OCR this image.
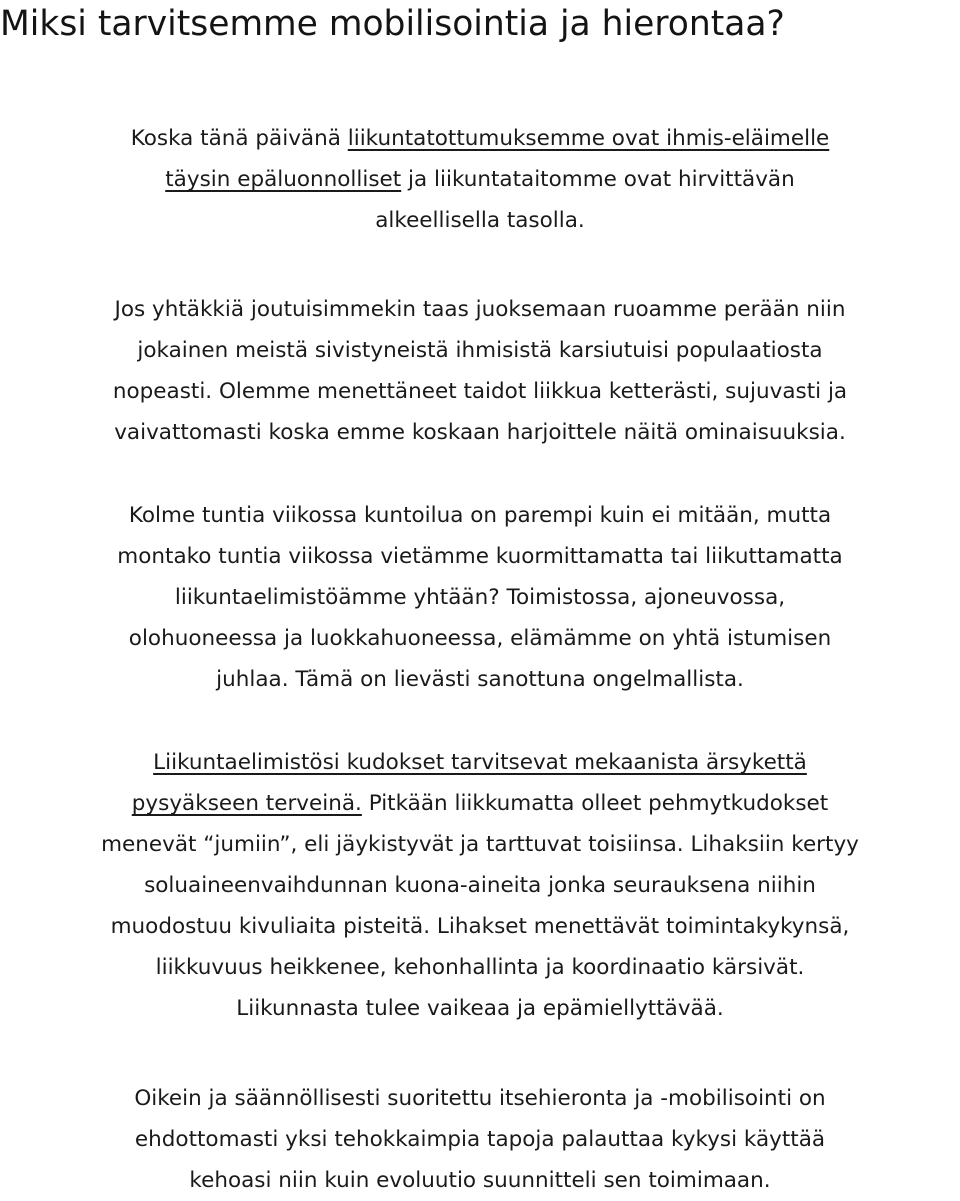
Miksi tarvitsemme mobilisointia ja hierontaa?

Koska tänä päivänä liikuntatottumuksemme ovat ihmis-eläimelle
täysin epäluonnolliset ja liikuntataitomme ovat hirvittävän
alkeellisella tasolla.

Jos yhtäkkiä joutuisimmekin taas juoksemaan ruoamme perään niin
jokainen meistä sivistyneistä ihmisistä karsiutuisi populaatiosta
nopeasti. Olemme menettäneet taidot liikkua ketterästi, sujuvasti ja
vaivattomasti koska emme koskaan harjoittele näitä ominaisuuksia.

Kolme tuntia viikossa kuntoilua on parempi kuin ei mitään, mutta
montako tuntia viikossa vietämme kuormittamatta tai liikuttamatta
liikuntaelimistöämme yhtään? Toimistossa, ajoneuvossa,
olohuoneessa ja luokkahuoneessa, elämämme on yhtä istumisen
juhlaa. Tämä on lievästi sanottuna ongelmallista.

Liikuntaelimistösi kudokset tarvitsevat mekaanista ärsykettä
pysyäkseen terveinä. Pitkään liikkumatta olleet pehmytkudokset
menevät “jumiin”, eli jäykistyvät ja tarttuvat toisiinsa. Lihaksiin kertyy
soluaineenvaihdunnan kuona-aineita jonka seurauksena niihin
muodostuu kivuliaita pisteitä. Lihakset menettävät toimintakykynsä,
liikkuvuus heikkenee, kehonhallinta ja koordinaatio kärsivät.
Liikunnasta tulee vaikeaa ja epämiellyttävää.

Oikein ja säännöllisesti suoritettu itsehieronta ja -mobilisointi on
ehdottomasti yksi tehokkaimpia tapoja palauttaa kykysi käyttää
kehoasi niin kuin evoluutio suunnitteli sen toimimaan.
